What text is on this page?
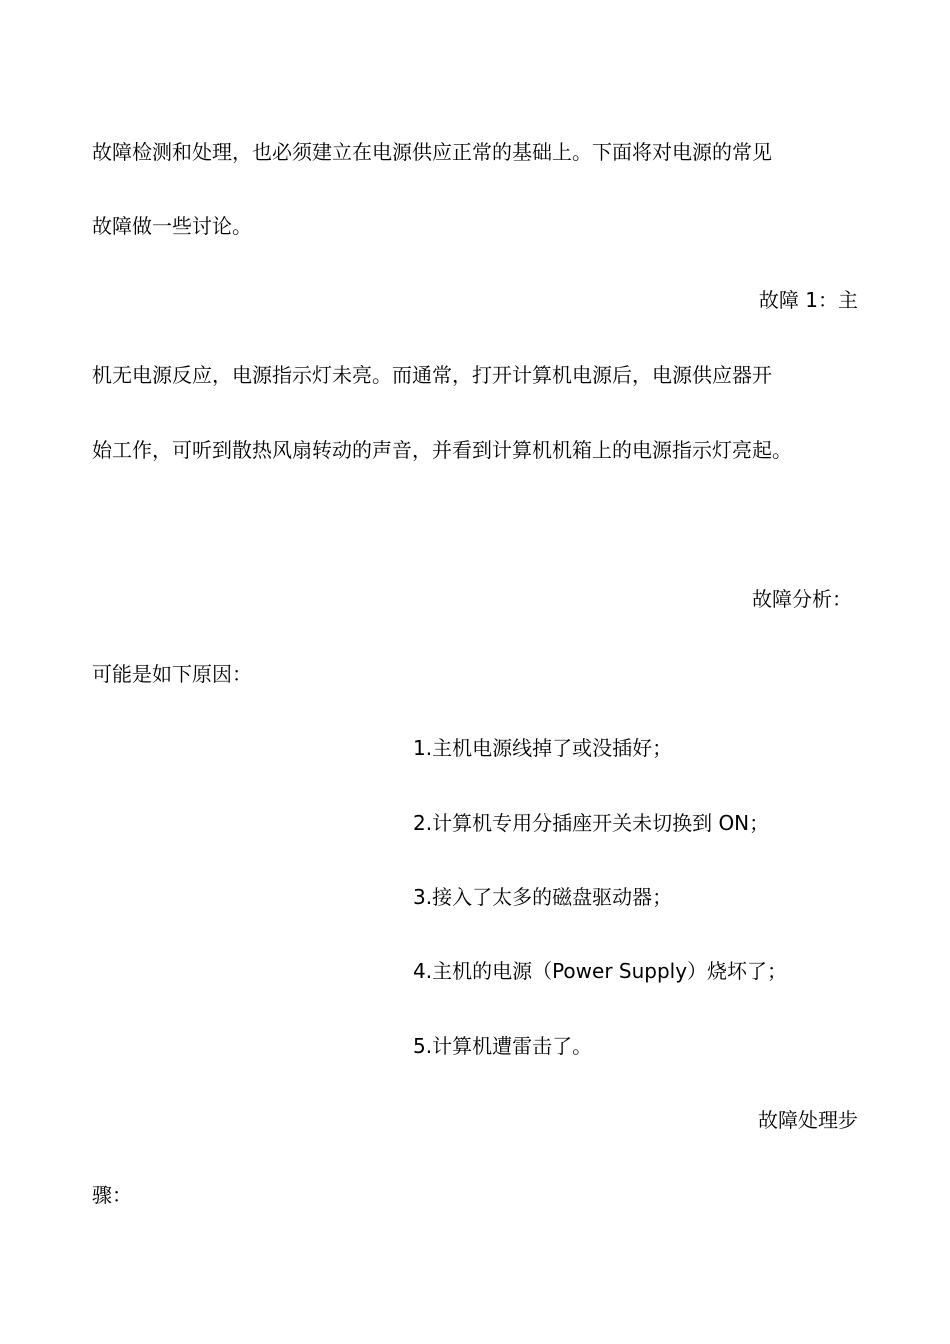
故障检测和处理，也必须建立在电源供应正常的基础上。下面将对电源的常见
故障做一些讨论。
故障 1：主
机无电源反应，电源指示灯未亮。而通常，打开计算机电源后，电源供应器开
始工作，可听到散热风扇转动的声音，并看到计算机机箱上的电源指示灯亮起。
故障分析：
可能是如下原因：
1.主机电源线掉了或没插好；
2.计算机专用分插座开关未切换到 ON；
3.接入了太多的磁盘驱动器；
4.主机的电源（Power Supply）烧坏了；
5.计算机遭雷击了。
故障处理步
骤：
